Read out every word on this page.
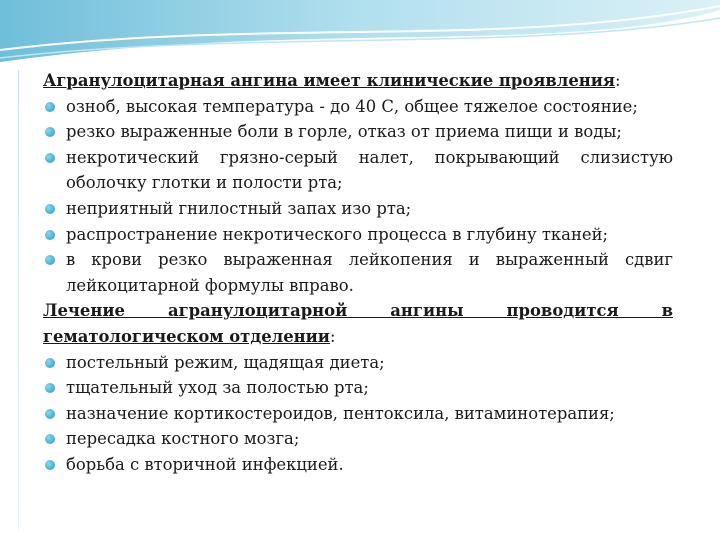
Агранулоцитарная ангина имеет клинические проявления:
озноб, высокая температура - до 40 С, общее тяжелое состояние;
резко выраженные боли в горле, отказ от приема пищи и воды;
некротический грязно-серый налет, покрывающий слизистую оболочку глотки и полости рта;
неприятный гнилостный запах изо рта;
распространение некротического процесса в глубину тканей;
в крови резко выраженная лейкопения и выраженный сдвиг лейкоцитарной формулы вправо.
Лечение агранулоцитарной ангины проводится в
гематологическом отделении:
постельный режим, щадящая диета;
тщательный уход за полостью рта;
назначение кортикостероидов, пентоксила, витаминотерапия;
пересадка костного мозга;
борьба с вторичной инфекцией.
